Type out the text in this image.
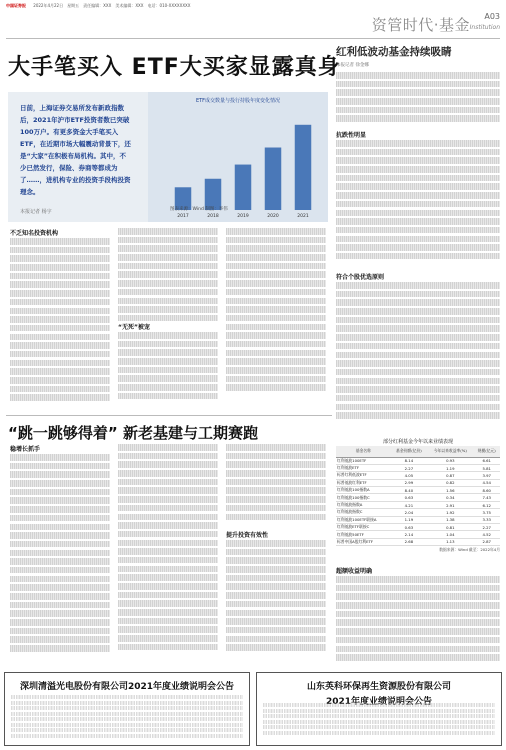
中国证券报 2022年4月22日　星期五　责任编辑：XXX　美术编辑：XXX　电话：010-XXXXXXXX
资管时代·基金 A03
Institution
大手笔买入 ETF大买家显露真身
日前，上海证券交易所发布新政指数后，2021年沪市ETF投资者数已突破100万户。有更多资金大手笔买入ETF，在近期市场大幅震动背景下，还是“大家”在积极布局机构。其中，不少已然发行，保险、券商等都成为了……，进机构专业的投资手段构投资理念。
本报记者 杨宇
ETF成交数量与投行持股年度变化情况
2017	2018	2019	2020	2021
图表来源：Wind 制图：李伟
不乏知名投资机构
“无死”被宠
红利低波动基金持续吸睛
本报记者 徐金娜
抗跌性明显
符合个股优选原则
部分红利基金今年以来业绩表现
基金名称	基金份额(亿份)	今年以来收益率(%)	规模(亿元)
红利低波100ETF	8.14	0.93	6.61
红利低波ETF	2.27	1.19	5.81
标普红利低波ETF	4.05	0.87	3.97
标普低波红利ETF	2.99	0.82	4.54
红利低波100指数A	8.40	1.56	8.60
红利低波100指数C	0.63	0.34	7.43
红利低波指数A	4.21	2.91	6.12
红利低波指数C	2.04	1.92	3.75
红利低波100ETF联接A	1.19	1.38	3.33
红利低波ETF联接C	0.63	0.81	2.27
红利低波50ETF	2.14	1.04	4.52
标普中国A股红利ETF	2.68	1.13	2.87
数据来源：Wind 截至：2022年4月
超额收益明确
“跳一跳够得着” 新老基建与工期赛跑
稳增长抓手
提升投资有效性
深圳清溢光电股份有限公司2021年度业绩说明会公告	山东英科环保再生资源股份有限公司
2021年度业绩说明会公告
